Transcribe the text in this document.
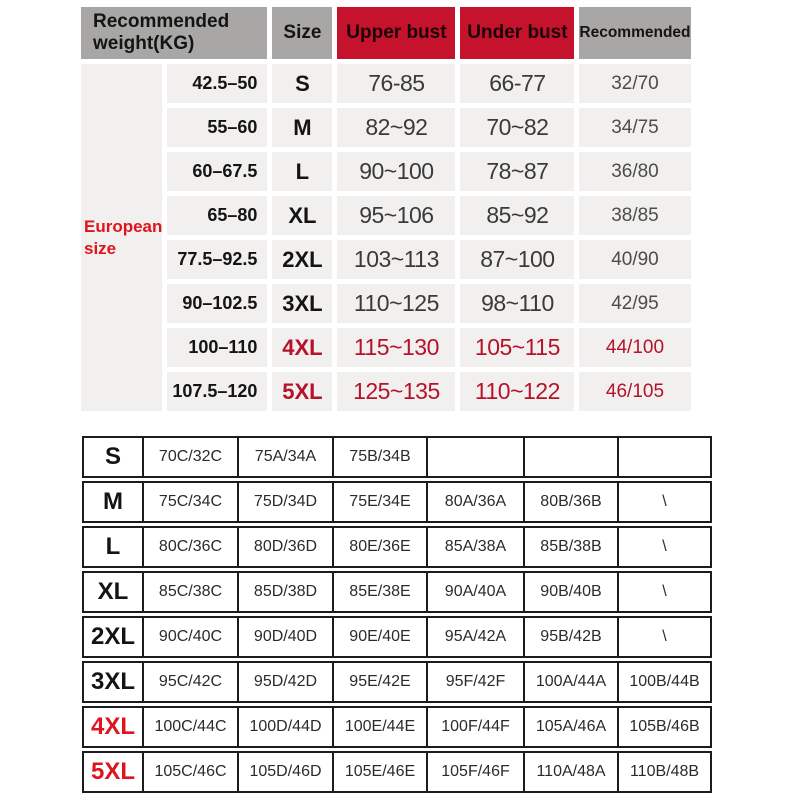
Recommended weight(KG)		Size	Upper bust	Under bust	Recommended
European size	42.5–50	S	76-85	66-77	32/70
	55–60	M	82~92	70~82	34/75
	60–67.5	L	90~100	78~87	36/80
	65–80	XL	95~106	85~92	38/85
	77.5–92.5	2XL	103~113	87~100	40/90
	90–102.5	3XL	110~125	98~110	42/95
	100–110	4XL	115~130	105~115	44/100
	107.5–120	5XL	125~135	110~122	46/105
S	70C/32C	75A/34A	75B/34B			
M	75C/34C	75D/34D	75E/34E	80A/36A	80B/36B	\
L	80C/36C	80D/36D	80E/36E	85A/38A	85B/38B	\
XL	85C/38C	85D/38D	85E/38E	90A/40A	90B/40B	\
2XL	90C/40C	90D/40D	90E/40E	95A/42A	95B/42B	\
3XL	95C/42C	95D/42D	95E/42E	95F/42F	100A/44A	100B/44B
4XL	100C/44C	100D/44D	100E/44E	100F/44F	105A/46A	105B/46B
5XL	105C/46C	105D/46D	105E/46E	105F/46F	110A/48A	110B/48B
